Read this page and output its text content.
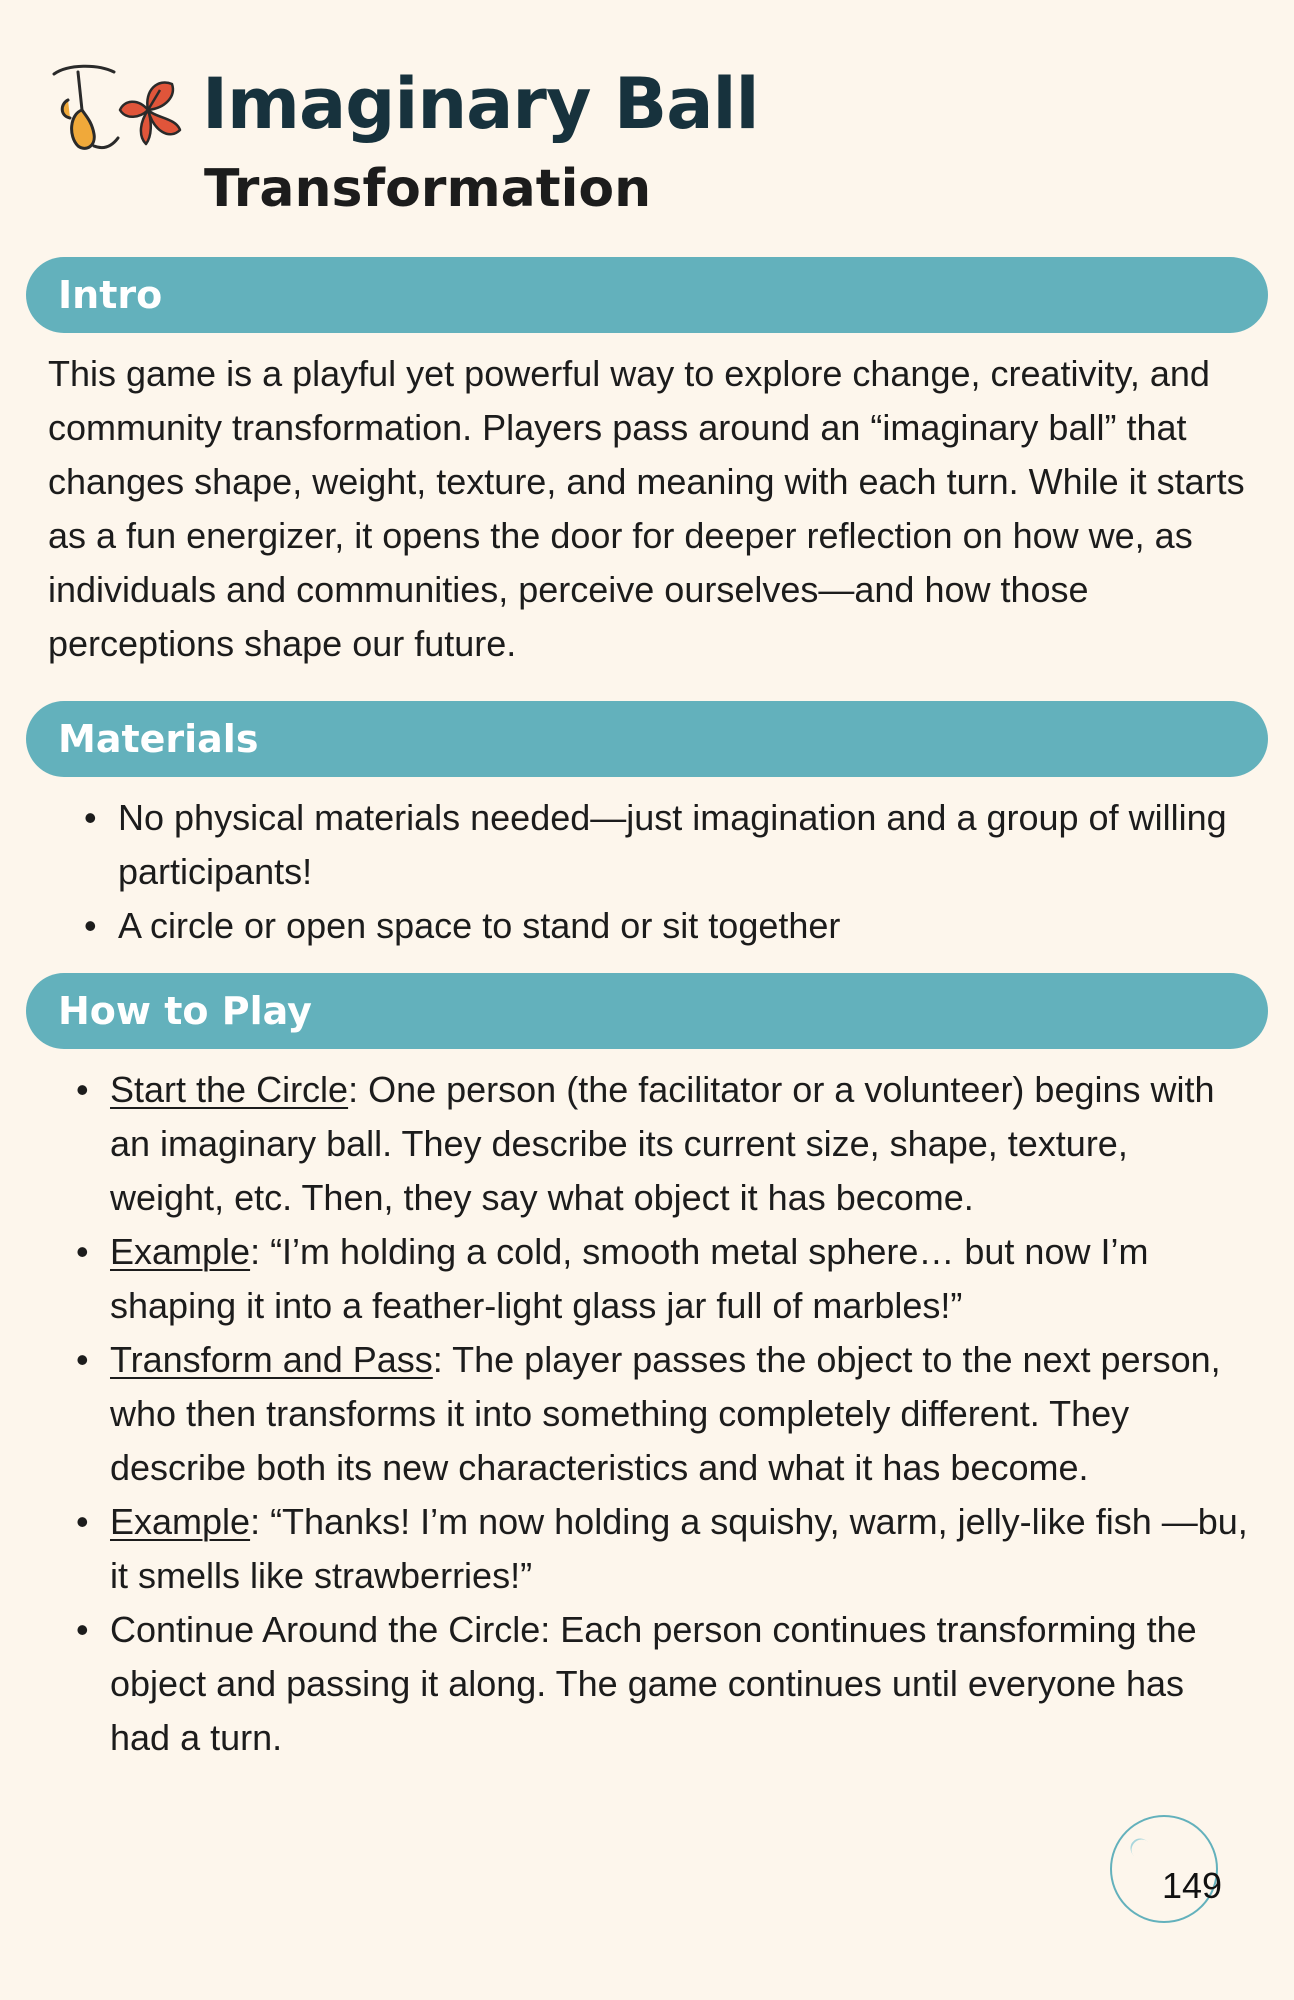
Imaginary Ball
Transformation
Intro

This game is a playful yet powerful way to explore change, creativity, and community transformation. Players pass around an “imaginary ball” that changes shape, weight, texture, and meaning with each turn. While it starts as a fun energizer, it opens the door for deeper reflection on how we, as individuals and communities, perceive ourselves—and how those perceptions shape our future.

Materials
• No physical materials needed—just imagination and a group of willing participants!
• A circle or open space to stand or sit together
How to Play
• Start the Circle: One person (the facilitator or a volunteer) begins with an imaginary ball. They describe its current size, shape, texture, weight, etc. Then, they say what object it has become.
• Example: “I’m holding a cold, smooth metal sphere… but now I’m shaping it into a feather-light glass jar full of marbles!”
• Transform and Pass: The player passes the object to the next person, who then transforms it into something completely different. They describe both its new characteristics and what it has become.
• Example: “Thanks! I’m now holding a squishy, warm, jelly-like fish —bu, it smells like strawberries!”
• Continue Around the Circle: Each person continues transforming the object and passing it along. The game continues until everyone has had a turn.
149
